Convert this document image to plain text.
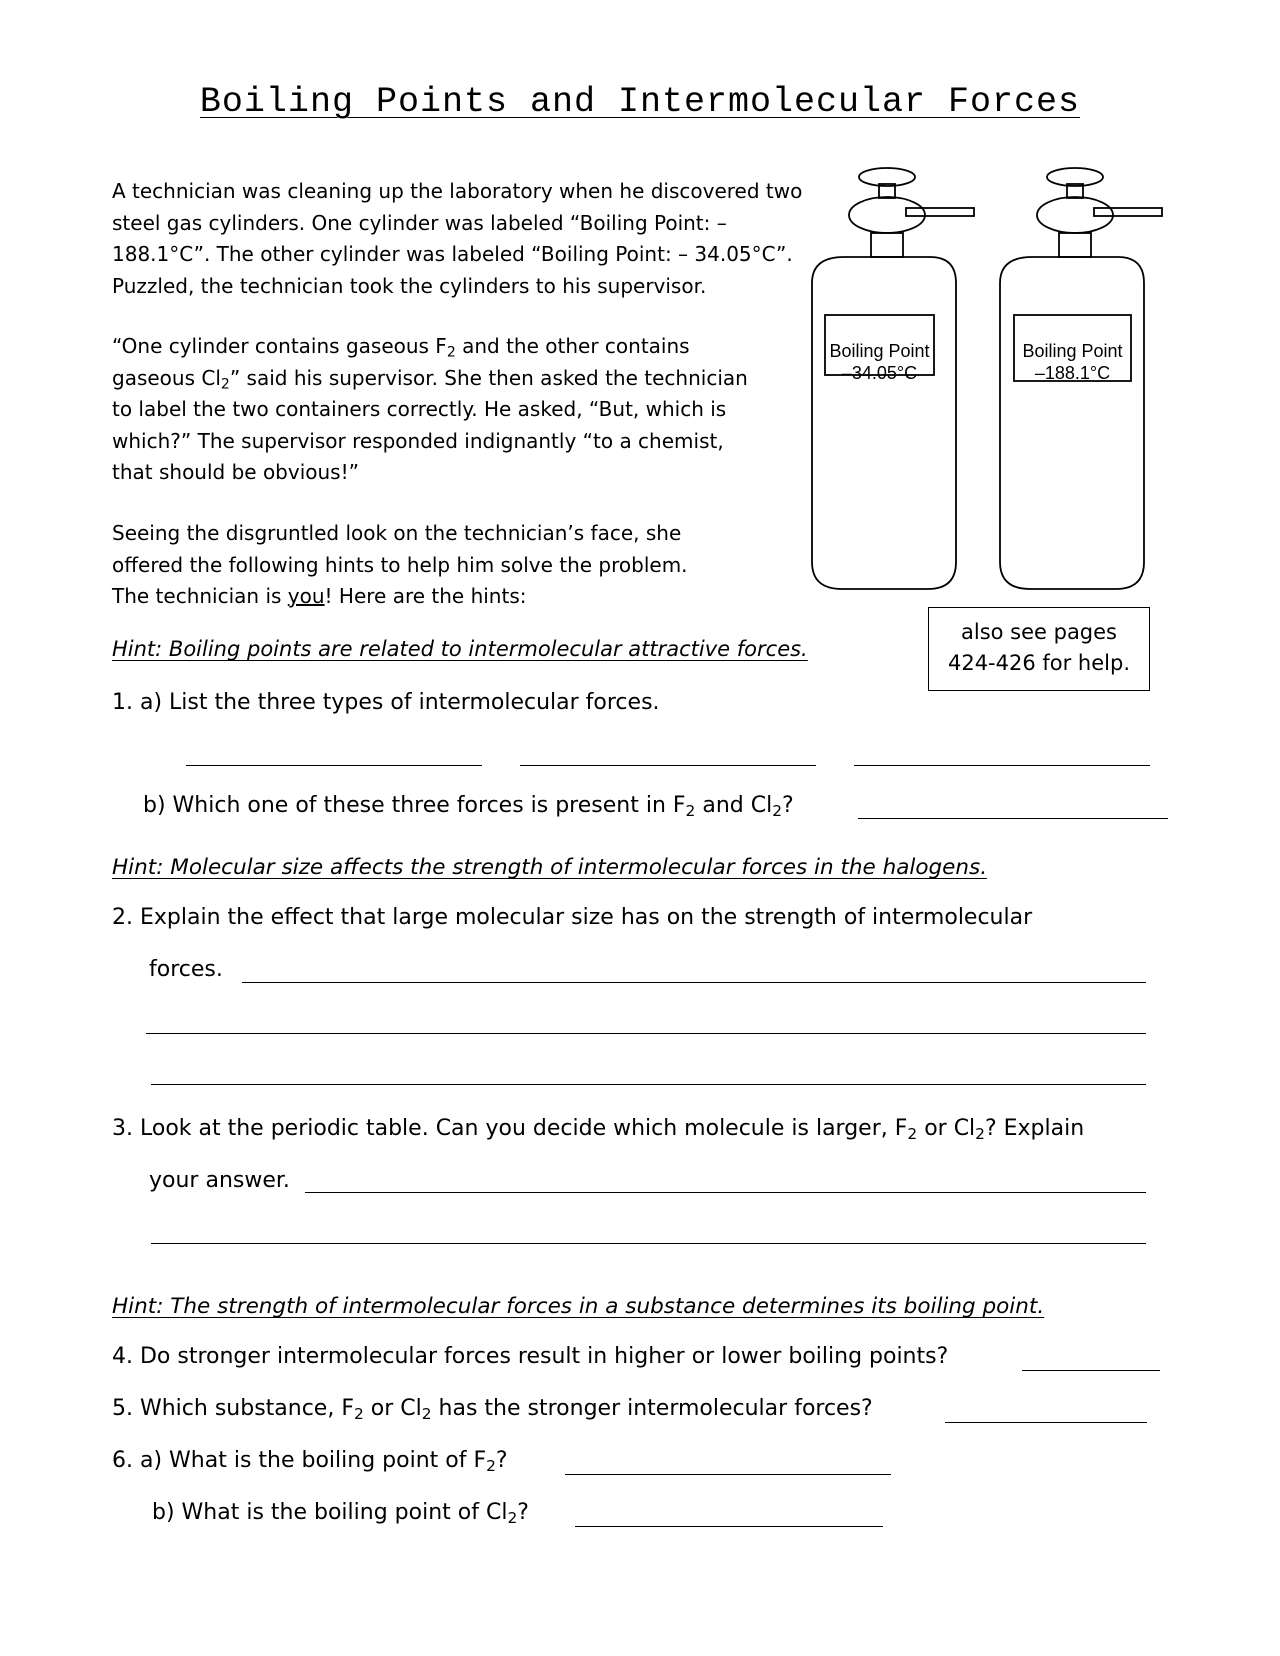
Boiling Points and Intermolecular Forces
A technician was cleaning up the laboratory when he discovered two
steel gas cylinders. One cylinder was labeled “Boiling Point: –
188.1°C”. The other cylinder was labeled “Boiling Point: – 34.05°C”.
Puzzled, the technician took the cylinders to his supervisor.
“One cylinder contains gaseous $F_2$ and the other contains
gaseous $Cl_2$” said his supervisor. She then asked the technician
to label the two containers correctly. He asked, “But, which is
which?” The supervisor responded indignantly “to a chemist,
that should be obvious!”
Seeing the disgruntled look on the technician’s face, she
offered the following hints to help him solve the problem.
The technician is you! Here are the hints:
Boiling Point
–34.05°C
Boiling Point
–188.1°C
also see pages
424-426 for help.
Hint: Boiling points are related to intermolecular attractive forces.
1. a) List the three types of intermolecular forces.
b) Which one of these three forces is present in $F_2$ and $Cl_2$?
Hint: Molecular size affects the strength of intermolecular forces in the halogens.
2. Explain the effect that large molecular size has on the strength of intermolecular
forces.
3. Look at the periodic table. Can you decide which molecule is larger, $F_2$ or $Cl_2$? Explain
your answer.
Hint: The strength of intermolecular forces in a substance determines its boiling point.
4. Do stronger intermolecular forces result in higher or lower boiling points?
5. Which substance, $F_2$ or $Cl_2$ has the stronger intermolecular forces?
6. a) What is the boiling point of $F_2$?
b) What is the boiling point of $Cl_2$?
